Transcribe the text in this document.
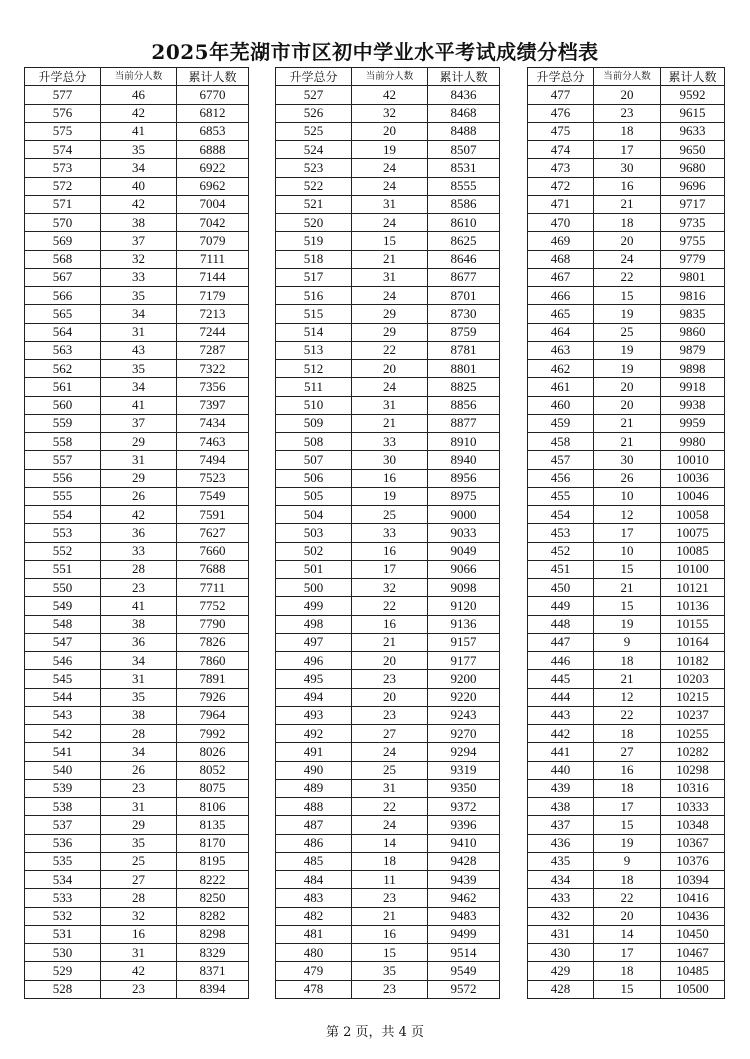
2025年芜湖市市区初中学业水平考试成绩分档表
升学总分	当前分人数	累计人数
577	46	6770
576	42	6812
575	41	6853
574	35	6888
573	34	6922
572	40	6962
571	42	7004
570	38	7042
569	37	7079
568	32	7111
567	33	7144
566	35	7179
565	34	7213
564	31	7244
563	43	7287
562	35	7322
561	34	7356
560	41	7397
559	37	7434
558	29	7463
557	31	7494
556	29	7523
555	26	7549
554	42	7591
553	36	7627
552	33	7660
551	28	7688
550	23	7711
549	41	7752
548	38	7790
547	36	7826
546	34	7860
545	31	7891
544	35	7926
543	38	7964
542	28	7992
541	34	8026
540	26	8052
539	23	8075
538	31	8106
537	29	8135
536	35	8170
535	25	8195
534	27	8222
533	28	8250
532	32	8282
531	16	8298
530	31	8329
529	42	8371
528	23	8394
升学总分	当前分人数	累计人数
527	42	8436
526	32	8468
525	20	8488
524	19	8507
523	24	8531
522	24	8555
521	31	8586
520	24	8610
519	15	8625
518	21	8646
517	31	8677
516	24	8701
515	29	8730
514	29	8759
513	22	8781
512	20	8801
511	24	8825
510	31	8856
509	21	8877
508	33	8910
507	30	8940
506	16	8956
505	19	8975
504	25	9000
503	33	9033
502	16	9049
501	17	9066
500	32	9098
499	22	9120
498	16	9136
497	21	9157
496	20	9177
495	23	9200
494	20	9220
493	23	9243
492	27	9270
491	24	9294
490	25	9319
489	31	9350
488	22	9372
487	24	9396
486	14	9410
485	18	9428
484	11	9439
483	23	9462
482	21	9483
481	16	9499
480	15	9514
479	35	9549
478	23	9572
升学总分	当前分人数	累计人数
477	20	9592
476	23	9615
475	18	9633
474	17	9650
473	30	9680
472	16	9696
471	21	9717
470	18	9735
469	20	9755
468	24	9779
467	22	9801
466	15	9816
465	19	9835
464	25	9860
463	19	9879
462	19	9898
461	20	9918
460	20	9938
459	21	9959
458	21	9980
457	30	10010
456	26	10036
455	10	10046
454	12	10058
453	17	10075
452	10	10085
451	15	10100
450	21	10121
449	15	10136
448	19	10155
447	9	10164
446	18	10182
445	21	10203
444	12	10215
443	22	10237
442	18	10255
441	27	10282
440	16	10298
439	18	10316
438	17	10333
437	15	10348
436	19	10367
435	9	10376
434	18	10394
433	22	10416
432	20	10436
431	14	10450
430	17	10467
429	18	10485
428	15	10500
第 2 页，共 4 页
